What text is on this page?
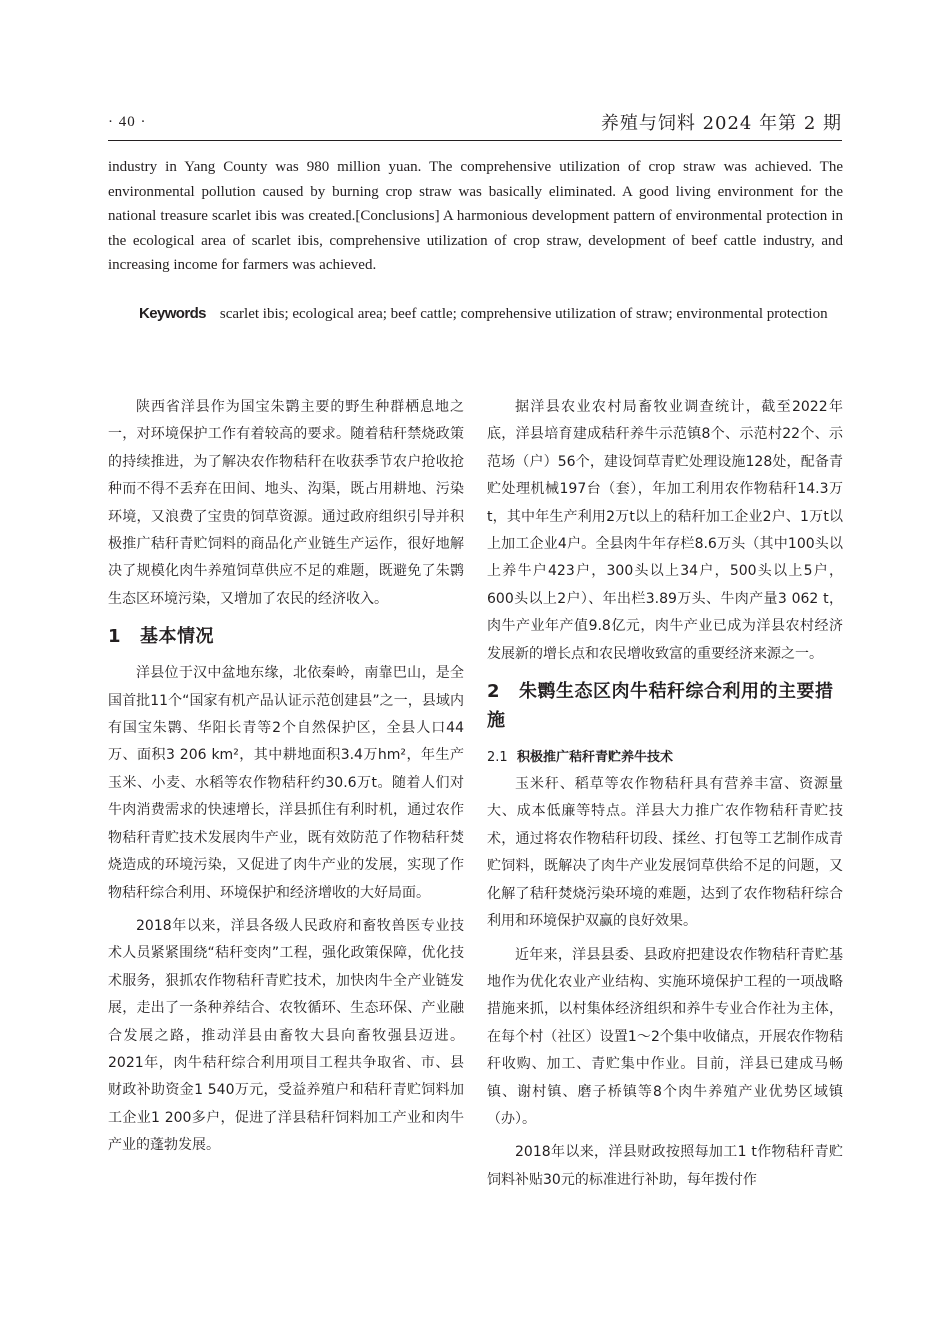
· 40 ·	养殖与饲料 2024 年第 2 期

industry in Yang County was 980 million yuan. The comprehensive utilization of crop straw was achieved. The environmental pollution caused by burning crop straw was basically eliminated. A good living environment for the national treasure scarlet ibis was created.[Conclusions] A harmonious development pattern of environmental protection in the ecological area of scarlet ibis, comprehensive utilization of crop straw, development of beef cattle industry, and increasing income for farmers was achieved.

Keywords scarlet ibis; ecological area; beef cattle; comprehensive utilization of straw; environmental protection

陕西省洋县作为国宝朱鹮主要的野生种群栖息地之一，对环境保护工作有着较高的要求。随着秸秆禁烧政策的持续推进，为了解决农作物秸秆在收获季节农户抢收抢种而不得不丢弃在田间、地头、沟渠，既占用耕地、污染环境，又浪费了宝贵的饲草资源。通过政府组织引导并积极推广秸秆青贮饲料的商品化产业链生产运作，很好地解决了规模化肉牛养殖饲草供应不足的难题，既避免了朱鹮生态区环境污染，又增加了农民的经济收入。

1 基本情况

洋县位于汉中盆地东缘，北依秦岭，南靠巴山，是全国首批11个“国家有机产品认证示范创建县”之一，县域内有国宝朱鹮、华阳长青等2个自然保护区，全县人口44万、面积3 206 km²，其中耕地面积3.4万hm²，年生产玉米、小麦、水稻等农作物秸秆约30.6万t。随着人们对牛肉消费需求的快速增长，洋县抓住有利时机，通过农作物秸秆青贮技术发展肉牛产业，既有效防范了作物秸秆焚烧造成的环境污染，又促进了肉牛产业的发展，实现了作物秸秆综合利用、环境保护和经济增收的大好局面。

2018年以来，洋县各级人民政府和畜牧兽医专业技术人员紧紧围绕“秸秆变肉”工程，强化政策保障，优化技术服务，狠抓农作物秸秆青贮技术，加快肉牛全产业链发展，走出了一条种养结合、农牧循环、生态环保、产业融合发展之路，推动洋县由畜牧大县向畜牧强县迈进。2021年，肉牛秸秆综合利用项目工程共争取省、市、县财政补助资金1 540万元，受益养殖户和秸秆青贮饲料加工企业1 200多户，促进了洋县秸秆饲料加工产业和肉牛产业的蓬勃发展。

据洋县农业农村局畜牧业调查统计，截至2022年底，洋县培育建成秸秆养牛示范镇8个、示范村22个、示范场（户）56个，建设饲草青贮处理设施128处，配备青贮处理机械197台（套），年加工利用农作物秸秆14.3万t，其中年生产利用2万t以上的秸秆加工企业2户、1万t以上加工企业4户。全县肉牛年存栏8.6万头（其中100头以上养牛户423户，300头以上34户，500头以上5户，600头以上2户）、年出栏3.89万头、牛肉产量3 062 t，肉牛产业年产值9.8亿元，肉牛产业已成为洋县农村经济发展新的增长点和农民增收致富的重要经济来源之一。

2 朱鹮生态区肉牛秸秆综合利用的主要措施
2.1 积极推广秸秆青贮养牛技术

玉米秆、稻草等农作物秸秆具有营养丰富、资源量大、成本低廉等特点。洋县大力推广农作物秸秆青贮技术，通过将农作物秸秆切段、揉丝、打包等工艺制作成青贮饲料，既解决了肉牛产业发展饲草供给不足的问题，又化解了秸秆焚烧污染环境的难题，达到了农作物秸秆综合利用和环境保护双赢的良好效果。

近年来，洋县县委、县政府把建设农作物秸秆青贮基地作为优化农业产业结构、实施环境保护工程的一项战略措施来抓，以村集体经济组织和养牛专业合作社为主体，在每个村（社区）设置1～2个集中收储点，开展农作物秸秆收购、加工、青贮集中作业。目前，洋县已建成马畅镇、谢村镇、磨子桥镇等8个肉牛养殖产业优势区域镇（办）。

2018年以来，洋县财政按照每加工1 t作物秸秆青贮饲料补贴30元的标准进行补助，每年拨付作
